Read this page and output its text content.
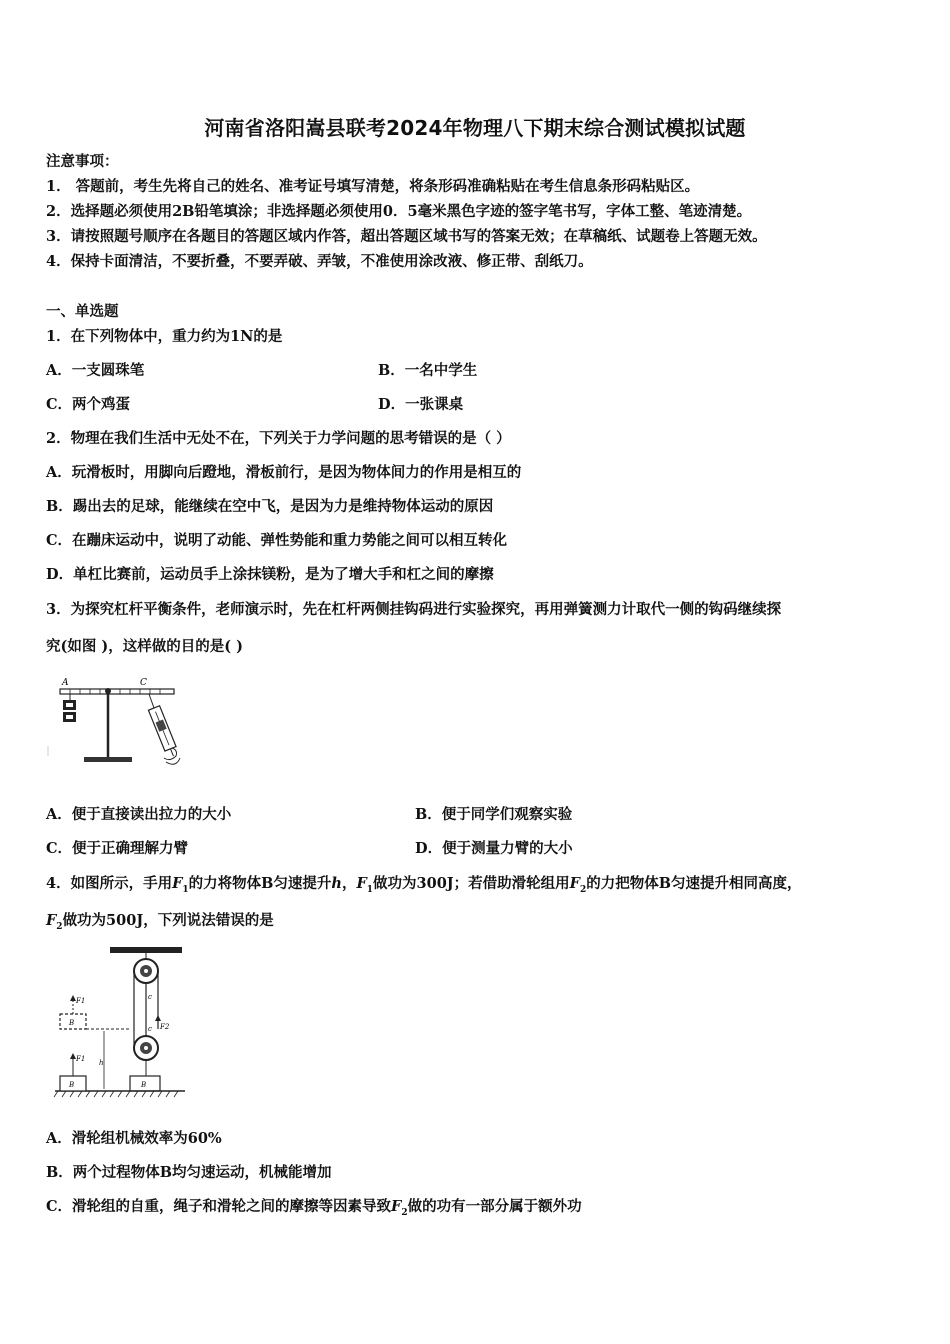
河南省洛阳嵩县联考2024年物理八下期末综合测试模拟试题
注意事项：
1． 答题前，考生先将自己的姓名、准考证号填写清楚，将条形码准确粘贴在考生信息条形码粘贴区。
2．选择题必须使用2B铅笔填涂；非选择题必须使用0．5毫米黑色字迹的签字笔书写，字体工整、笔迹清楚。
3．请按照题号顺序在各题目的答题区域内作答，超出答题区域书写的答案无效；在草稿纸、试题卷上答题无效。
4．保持卡面清洁，不要折叠，不要弄破、弄皱，不准使用涂改液、修正带、刮纸刀。
一、单选题
1．在下列物体中，重力约为1N的是
A．一支圆珠笔	B．一名中学生
C．两个鸡蛋	D．一张课桌
2．物理在我们生活中无处不在，下列关于力学问题的思考错误的是（ ）
A．玩滑板时，用脚向后蹬地，滑板前行，是因为物体间力的作用是相互的
B．踢出去的足球，能继续在空中飞，是因为力是维持物体运动的原因
C．在蹦床运动中，说明了动能、弹性势能和重力势能之间可以相互转化
D．单杠比赛前，运动员手上涂抹镁粉，是为了增大手和杠之间的摩擦
3．为探究杠杆平衡条件，老师演示时，先在杠杆两侧挂钩码进行实验探究，再用弹簧测力计取代一侧的钩码继续探
究(如图 )，这样做的目的是( )
A	C
A．便于直接读出拉力的大小	B．便于同学们观察实验
C．便于正确理解力臂	D．便于测量力臂的大小
4．如图所示，手用$F_1$的力将物体B匀速提升h，$F_1$做功为300J；若借助滑轮组用$F_2$的力把物体B匀速提升相同高度，
$F_2$做功为500J，下列说法错误的是
c
F2
c
B
B
F1
B
F1
h
A．滑轮组机械效率为60%
B．两个过程物体B均匀速运动，机械能增加
C．滑轮组的自重，绳子和滑轮之间的摩擦等因素导致$F_2$做的功有一部分属于额外功
